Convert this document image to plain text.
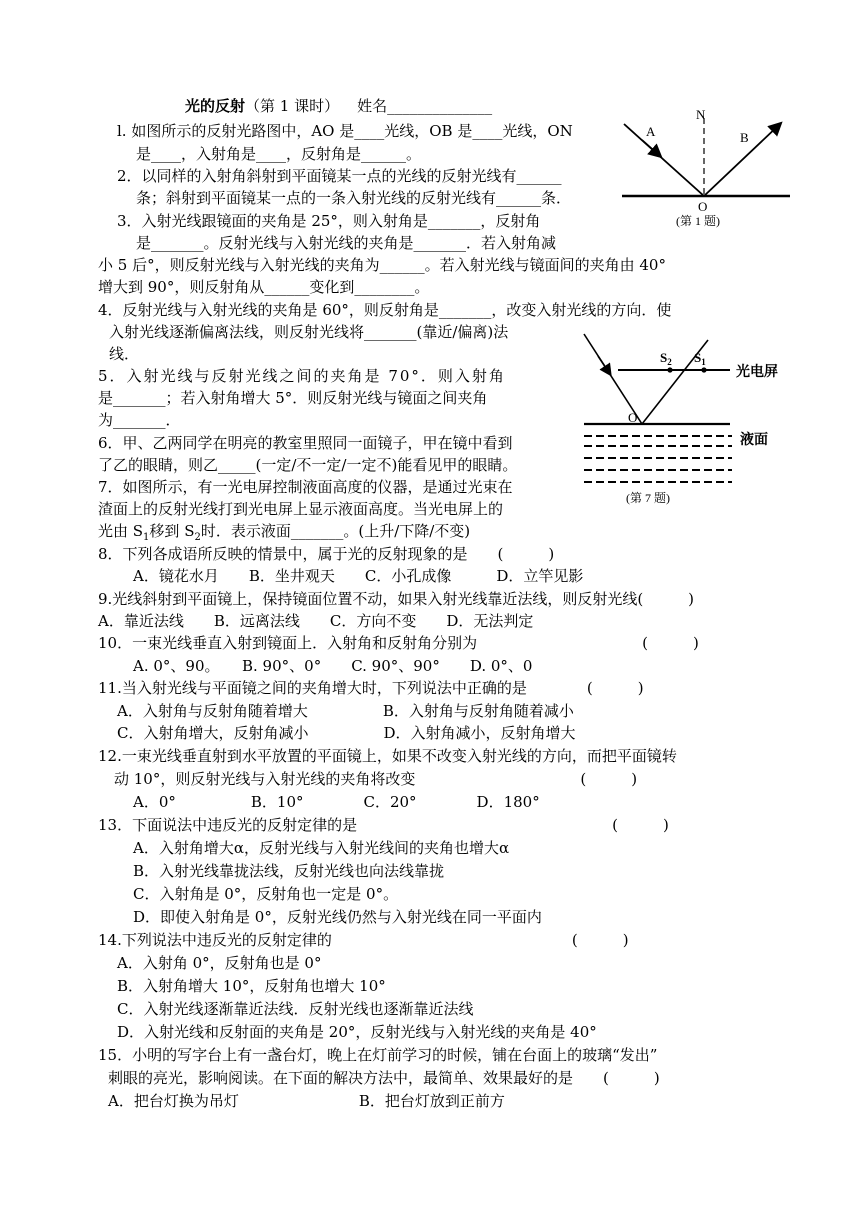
光的反射（第 1 课时） 姓名______________	N
A	B
O
(第 1 题)
$S_2$ $S_1$
光电屏
液面
O
(第 7 题)
l. 如图所示的反射光路图中，AO 是____光线，OB 是____光线，ON
是____，入射角是____，反射角是______。
2．以同样的入射角斜射到平面镜某一点的光线的反射光线有______
条；斜射到平面镜某一点的一条入射光线的反射光线有______条．
3．入射光线跟镜面的夹角是 25°，则入射角是_______，反射角
是_______。反射光线与入射光线的夹角是_______．若入射角减
小 5 后°，则反射光线与入射光线的夹角为______。若入射光线与镜面间的夹角由 40°
增大到 90°，则反射角从______变化到________。
4．反射光线与入射光线的夹角是 60°，则反射角是_______，改变入射光线的方向．使
入射光线逐渐偏离法线，则反射光线将_______(靠近/偏离)法
线．
5．入射光线与反射光线之间的夹角是 70°．则入射角
是_______；若入射角增大 5°．则反射光线与镜面之间夹角
为_______．
6．甲、乙两同学在明亮的教室里照同一面镜子，甲在镜中看到
了乙的眼睛，则乙_____(一定/不一定/一定不)能看见甲的眼睛。
7．如图所示，有一光电屏控制液面高度的仪器，是通过光束在
渣面上的反射光线打到光电屏上显示液面高度。当光电屏上的
光由 $S_1$移到 $S_2$时．表示液面_______。(上升/下降/不变)
8．下列各成语所反映的情景中，属于光的反射现象的是　　(　　　)
A．镜花水月　　B．坐井观天　　C．小孔成像　　　D．立竿见影
9.光线斜射到平面镜上，保持镜面位置不动，如果入射光线靠近法线，则反射光线(　　　)
A．靠近法线　　B．远离法线　　C．方向不变　　D．无法判定
10．一束光线垂直入射到镜面上．入射角和反射角分别为　　　　　　　　　　　(　　　)
A. 0°、90。　　B. 90°、0°　　C. 90°、90°　　D. 0°、0
11.当入射光线与平面镜之间的夹角增大时，下列说法中正确的是　　　　(　　　)
A．入射角与反射角随着增大　　　　　B．入射角与反射角随着减小
C．入射角增大，反射角减小　　　　　D．入射角减小，反射角增大
12.一束光线垂直射到水平放置的平面镜上，如果不改变入射光线的方向，而把平面镜转
动 10°，则反射光线与入射光线的夹角将改变　　　　　　　　　　　(　　　)
A．0°　　　　　B．10°　　　　C．20°　　　　D．180°
13．下面说法中违反光的反射定律的是　　　　　　　　　　　　　　　　　(　　　)
A．入射角增大α，反射光线与入射光线间的夹角也增大α
B．入射光线靠拢法线，反射光线也向法线靠拢
C．入射角是 0°，反射角也一定是 0°。
D．即使入射角是 0°，反射光线仍然与入射光线在同一平面内
14.下列说法中违反光的反射定律的　　　　　　　　　　　　　　　　(　　　)
A．入射角 0°，反射角也是 0°
B．入射角增大 10°，反射角也增大 10°
C．入射光线逐渐靠近法线．反射光线也逐渐靠近法线
D．入射光线和反射面的夹角是 20°，反射光线与入射光线的夹角是 40°
15．小明的写字台上有一盏台灯，晚上在灯前学习的时候，铺在台面上的玻璃“发出”
刺眼的亮光，影响阅读。在下面的解决方法中，最简单、效果最好的是　　(　　　)
A．把台灯换为吊灯　　　　　　　　B．把台灯放到正前方
